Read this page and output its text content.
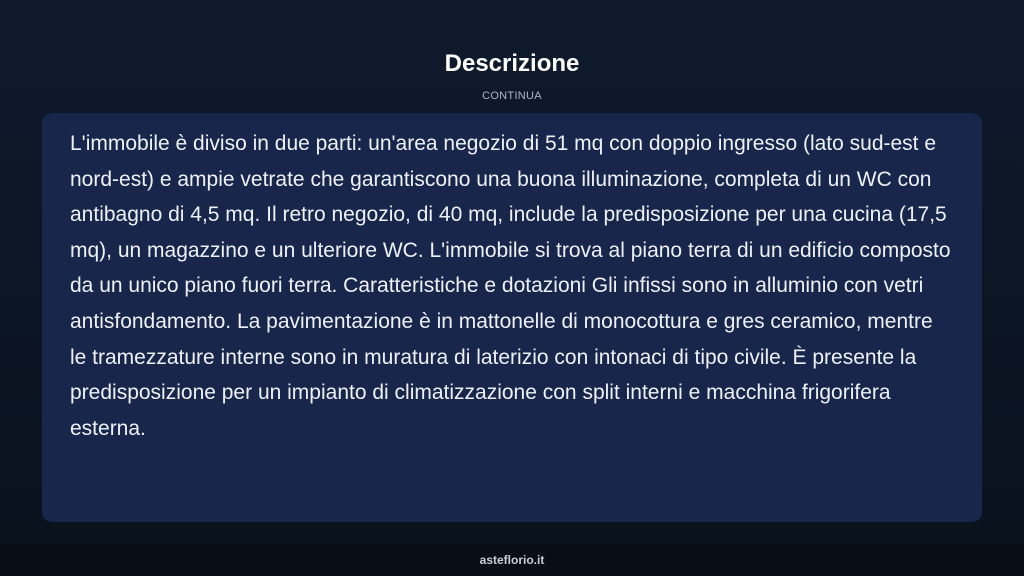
Descrizione
CONTINUA

L'immobile è diviso in due parti: un'area negozio di 51 mq con doppio ingresso (lato sud-est e nord-est) e ampie vetrate che garantiscono una buona illuminazione, completa di un WC con antibagno di 4,5 mq. Il retro negozio, di 40 mq, include la predisposizione per una cucina (17,5 mq), un magazzino e un ulteriore WC. L'immobile si trova al piano terra di un edificio composto da un unico piano fuori terra. Caratteristiche e dotazioni Gli infissi sono in alluminio con vetri antisfondamento. La pavimentazione è in mattonelle di monocottura e gres ceramico, mentre le tramezzature interne sono in muratura di laterizio con intonaci di tipo civile. È presente la predisposizione per un impianto di climatizzazione con split interni e macchina frigorifera esterna.

asteflorio.it
